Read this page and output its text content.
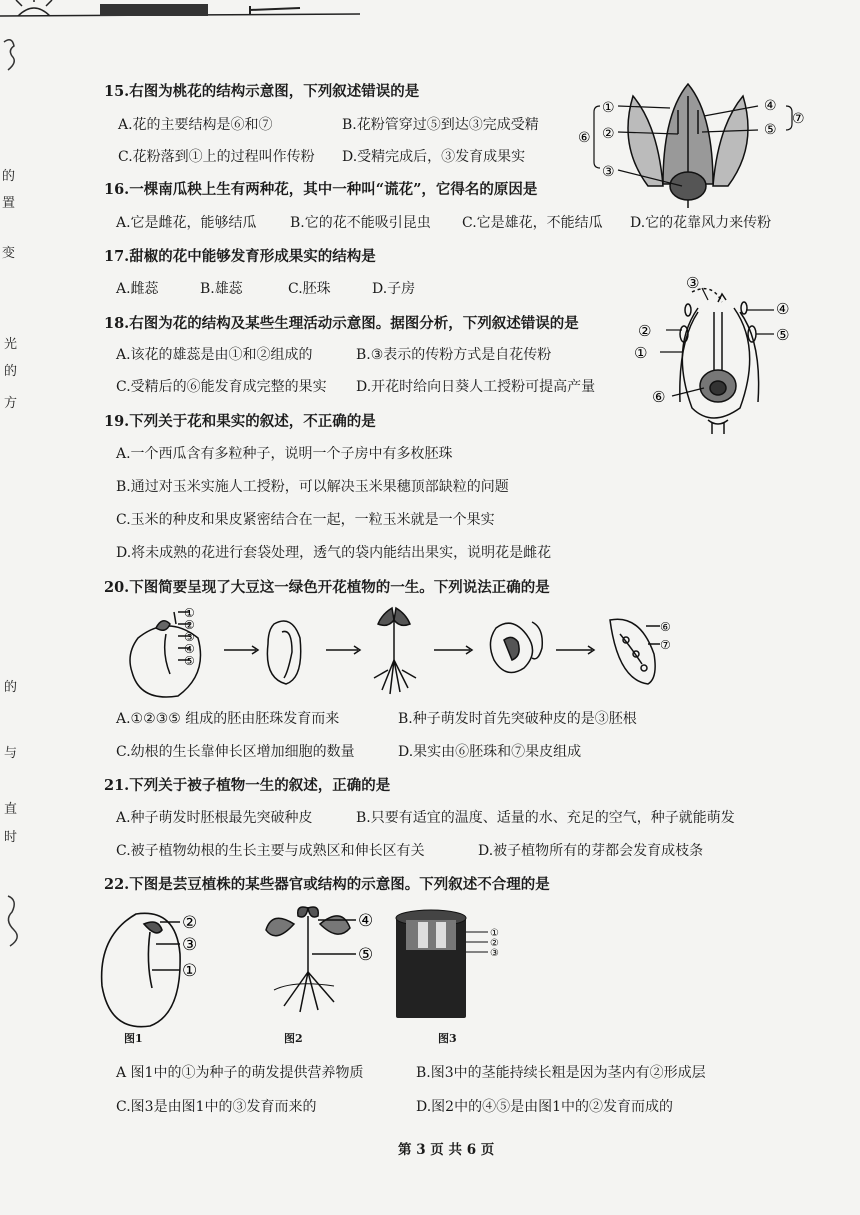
的
置
变
光
的
方
的
与
直
时
15.右图为桃花的结构示意图，下列叙述错误的是
A.花的主要结构是⑥和⑦	B.花粉管穿过⑤到达③完成受精
C.花粉落到①上的过程叫作传粉 D.受精完成后，③发育成果实
①
②
③
④
⑤
⑥
⑦
16.一棵南瓜秧上生有两种花，其中一种叫“谎花”，它得名的原因是
A.它是雌花，能够结瓜 B.它的花不能吸引昆虫 C.它是雄花，不能结瓜 D.它的花靠风力来传粉
17.甜椒的花中能够发育形成果实的结构是
A.雌蕊	B.雄蕊	C.胚珠	D.子房
18.右图为花的结构及某些生理活动示意图。据图分析，下列叙述错误的是
A.该花的雄蕊是由①和②组成的	B.③表示的传粉方式是自花传粉
C.受精后的⑥能发育成完整的果实 D.开花时给向日葵人工授粉可提高产量
①
②
③
④
⑤
⑥
19.下列关于花和果实的叙述，不正确的是
A.一个西瓜含有多粒种子，说明一个子房中有多枚胚珠
B.通过对玉米实施人工授粉，可以解决玉米果穗顶部缺粒的问题
C.玉米的种皮和果皮紧密结合在一起，一粒玉米就是一个果实
D.将未成熟的花进行套袋处理，透气的袋内能结出果实，说明花是雌花
20.下图简要呈现了大豆这一绿色开花植物的一生。下列说法正确的是
①
②
③
④
⑤
⑥
⑦
A.①②③⑤ 组成的胚由胚珠发育而来	B.种子萌发时首先突破种皮的是③胚根
C.幼根的生长靠伸长区增加细胞的数量	D.果实由⑥胚珠和⑦果皮组成
21.下列关于被子植物一生的叙述，正确的是
A.种子萌发时胚根最先突破种皮	B.只要有适宜的温度、适量的水、充足的空气，种子就能萌发
C.被子植物幼根的生长主要与成熟区和伸长区有关	D.被子植物所有的芽都会发育成枝条
22.下图是芸豆植株的某些器官或结构的示意图。下列叙述不合理的是
②
③
①
④
⑤
①
②
③
图1	图2	图3
A 图1中的①为种子的萌发提供营养物质	B.图3中的茎能持续长粗是因为茎内有②形成层
C.图3是由图1中的③发育而来的	D.图2中的④⑤是由图1中的②发育而成的
第 3 页 共 6 页
